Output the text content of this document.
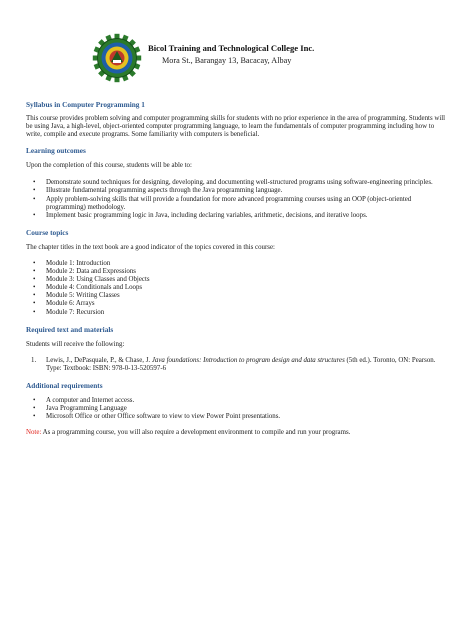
Bicol Training and Technological College Inc.
Mora St., Barangay 13, Bacacay, Albay
Syllabus in Computer Programming 1

This course provides problem solving and computer programming skills for students with no prior experience in the area of programming. Students will be using Java, a high-level, object-oriented computer programming language, to learn the fundamentals of computer programming including how to write, compile and execute programs. Some familiarity with computers is beneficial.

Learning outcomes

Upon the completion of this course, students will be able to:

•	Demonstrate sound techniques for designing, developing, and documenting well-structured programs using software-engineering principles.
•	Illustrate fundamental programming aspects through the Java programming language.
•	Apply problem-solving skills that will provide a foundation for more advanced programming courses using an OOP (object-oriented programming) methodology.
•	Implement basic programming logic in Java, including declaring variables, arithmetic, decisions, and iterative loops.
Course topics

The chapter titles in the text book are a good indicator of the topics covered in this course:

•	Module 1: Introduction
•	Module 2: Data and Expressions
•	Module 3: Using Classes and Objects
•	Module 4: Conditionals and Loops
•	Module 5: Writing Classes
•	Module 6: Arrays
•	Module 7: Recursion
Required text and materials

Students will receive the following:

1. Lewis, J., DePasquale, P., & Chase, J. Java foundations: Introduction to program design and data structures (5th ed.). Toronto, ON: Pearson. Type: Textbook: ISBN: 978-0-13-520597-6
Additional requirements
•	A computer and Internet access.
•	Java Programming Language
•	Microsoft Office or other Office software to view to view Power Point presentations.

Note: As a programming course, you will also require a development environment to compile and run your programs.
